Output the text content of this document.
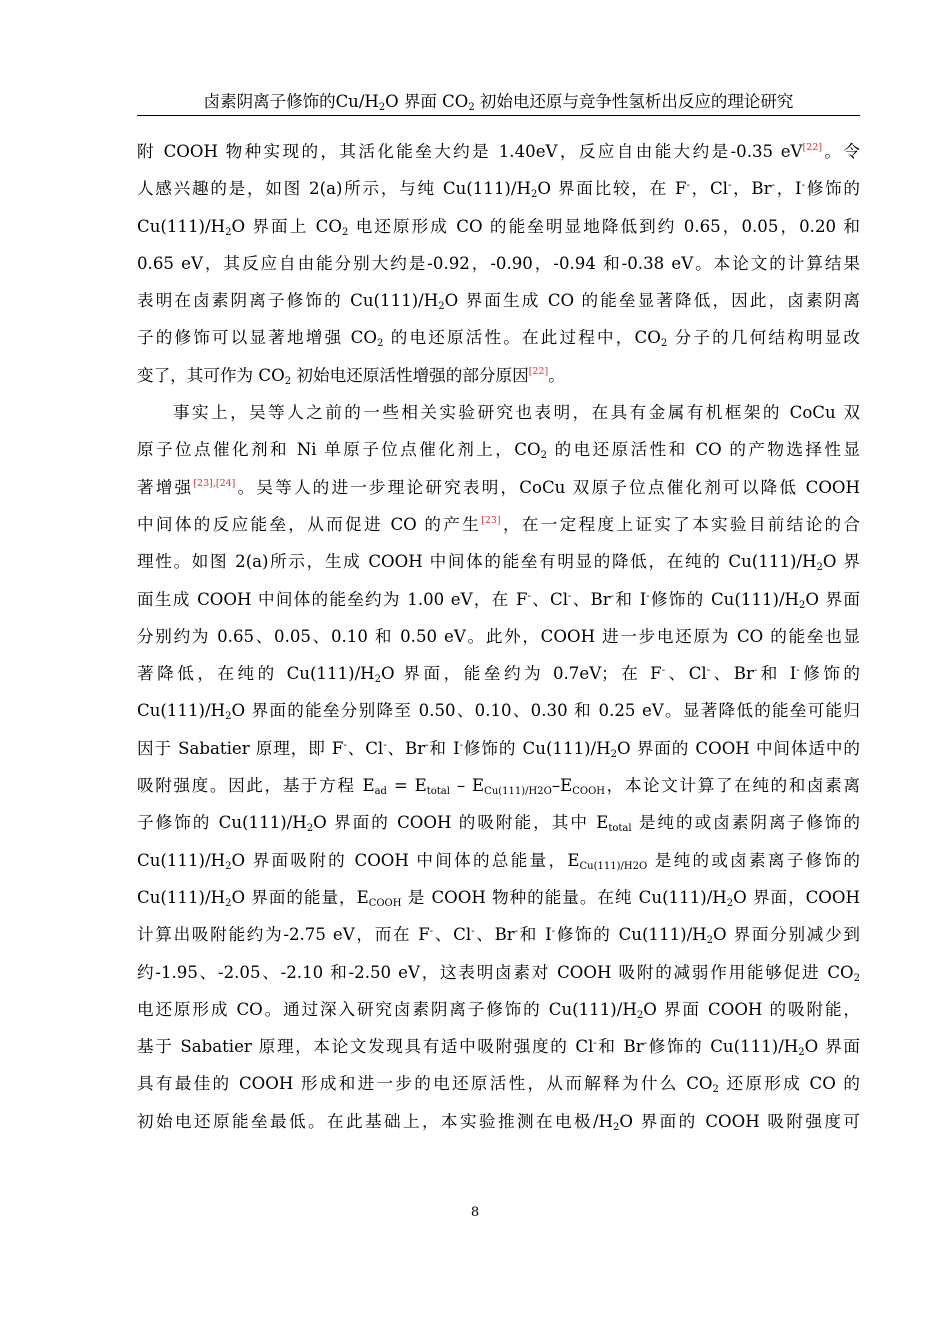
卤素阴离子修饰的$Cu/H_2O$ 界面 $CO_2$ 初始电还原与竞争性氢析出反应的理论研究
附 COOH 物种实现的，其活化能垒大约是 1.40eV，反应自由能大约是-0.35 eV[22]。令
人感兴趣的是，如图 2(a)所示，与纯 $Cu(111)/H_2O$ 界面比较，在 F-，Cl-，Br-，I-修饰的
$Cu(111)/H_2O$ 界面上 $CO_2$ 电还原形成 CO 的能垒明显地降低到约 0.65，0.05，0.20 和
0.65 eV，其反应自由能分别大约是-0.92，-0.90，-0.94 和-0.38 eV。本论文的计算结果
表明在卤素阴离子修饰的 $Cu(111)/H_2O$ 界面生成 CO 的能垒显著降低，因此，卤素阴离
子的修饰可以显著地增强 $CO_2$ 的电还原活性。在此过程中，$CO_2$ 分子的几何结构明显改
变了，其可作为 $CO_2$ 初始电还原活性增强的部分原因[22]。
事实上，吴等人之前的一些相关实验研究也表明，在具有金属有机框架的 CoCu 双
原子位点催化剂和 Ni 单原子位点催化剂上，$CO_2$ 的电还原活性和 CO 的产物选择性显
著增强[23],[24]。吴等人的进一步理论研究表明，CoCu 双原子位点催化剂可以降低 COOH
中间体的反应能垒，从而促进 CO 的产生[23]，在一定程度上证实了本实验目前结论的合
理性。如图 2(a)所示，生成 COOH 中间体的能垒有明显的降低，在纯的 $Cu(111)/H_2O$ 界
面生成 COOH 中间体的能垒约为 1.00 eV，在 F-、Cl-、Br-和 I-修饰的 $Cu(111)/H_2O$ 界面
分别约为 0.65、0.05、0.10 和 0.50 eV。此外，COOH 进一步电还原为 CO 的能垒也显
著降低，在纯的 $Cu(111)/H_2O$ 界面，能垒约为 0.7eV；在 F-、Cl-、Br-和 I-修饰的
$Cu(111)/H_2O$ 界面的能垒分别降至 0.50、0.10、0.30 和 0.25 eV。显著降低的能垒可能归
因于 Sabatier 原理，即 F-、Cl-、Br-和 I-修饰的 $Cu(111)/H_2O$ 界面的 COOH 中间体适中的
吸附强度。因此，基于方程 $E_{ad} = E_{total} - E_{Cu(111)/H2O}-E_{COOH}$，本论文计算了在纯的和卤素离
子修饰的 $Cu(111)/H_2O$ 界面的 COOH 的吸附能，其中 $E_{total}$ 是纯的或卤素阴离子修饰的
$Cu(111)/H_2O$ 界面吸附的 COOH 中间体的总能量，$E_{Cu(111)/H2O}$ 是纯的或卤素离子修饰的
$Cu(111)/H_2O$ 界面的能量，$E_{COOH}$ 是 COOH 物种的能量。在纯 $Cu(111)/H_2O$ 界面，COOH
计算出吸附能约为-2.75 eV，而在 F-、Cl-、Br-和 I-修饰的 $Cu(111)/H_2O$ 界面分别减少到
约-1.95、-2.05、-2.10 和-2.50 eV，这表明卤素对 COOH 吸附的减弱作用能够促进 $CO_2$
电还原形成 CO。通过深入研究卤素阴离子修饰的 $Cu(111)/H_2O$ 界面 COOH 的吸附能，
基于 Sabatier 原理，本论文发现具有适中吸附强度的 Cl-和 Br-修饰的 $Cu(111)/H_2O$ 界面
具有最佳的 COOH 形成和进一步的电还原活性，从而解释为什么 $CO_2$ 还原形成 CO 的
初始电还原能垒最低。在此基础上，本实验推测在电极$/H_2O$ 界面的 COOH 吸附强度可
8
